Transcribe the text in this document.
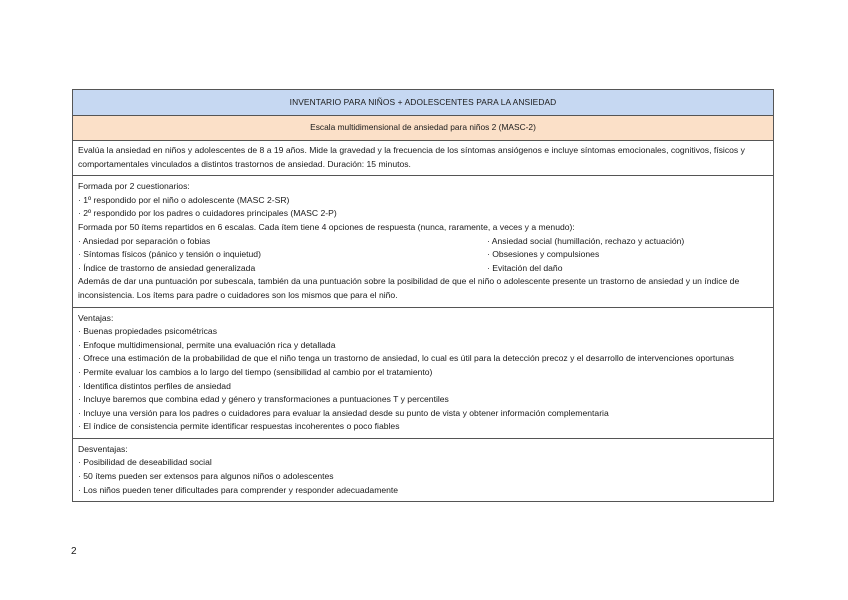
INVENTARIO PARA NIÑOS + ADOLESCENTES PARA LA ANSIEDAD
Escala multidimensional de ansiedad para niños 2 (MASC-2)
Evalúa la ansiedad en niños y adolescentes de 8 a 19 años. Mide la gravedad y la frecuencia de los síntomas ansiógenos e incluye síntomas emocionales, cognitivos, físicos y comportamentales vinculados a distintos trastornos de ansiedad. Duración: 15 minutos.
Formada por 2 cuestionarios:
· 1º respondido por el niño o adolescente (MASC 2-SR)
· 2º respondido por los padres o cuidadores principales (MASC 2-P)
Formada por 50 ítems repartidos en 6 escalas. Cada ítem tiene 4 opciones de respuesta (nunca, raramente, a veces y a menudo):
· Ansiedad por separación o fobias
· Síntomas físicos (pánico y tensión o inquietud)
· Índice de trastorno de ansiedad generalizada
· Ansiedad social (humillación, rechazo y actuación)
· Obsesiones y compulsiones
· Evitación del daño
Además de dar una puntuación por subescala, también da una puntuación sobre la posibilidad de que el niño o adolescente presente un trastorno de ansiedad y un índice de inconsistencia. Los ítems para padre o cuidadores son los mismos que para el niño.
Ventajas:
· Buenas propiedades psicométricas
· Enfoque multidimensional, permite una evaluación rica y detallada
· Ofrece una estimación de la probabilidad de que el niño tenga un trastorno de ansiedad, lo cual es útil para la detección precoz y el desarrollo de intervenciones oportunas
· Permite evaluar los cambios a lo largo del tiempo (sensibilidad al cambio por el tratamiento)
· Identifica distintos perfiles de ansiedad
· Incluye baremos que combina edad y género y transformaciones a puntuaciones T y percentiles
· Incluye una versión para los padres o cuidadores para evaluar la ansiedad desde su punto de vista y obtener información complementaria
· El índice de consistencia permite identificar respuestas incoherentes o poco fiables
Desventajas:
· Posibilidad de deseabilidad social
· 50 ítems pueden ser extensos para algunos niños o adolescentes
· Los niños pueden tener dificultades para comprender y responder adecuadamente
2
